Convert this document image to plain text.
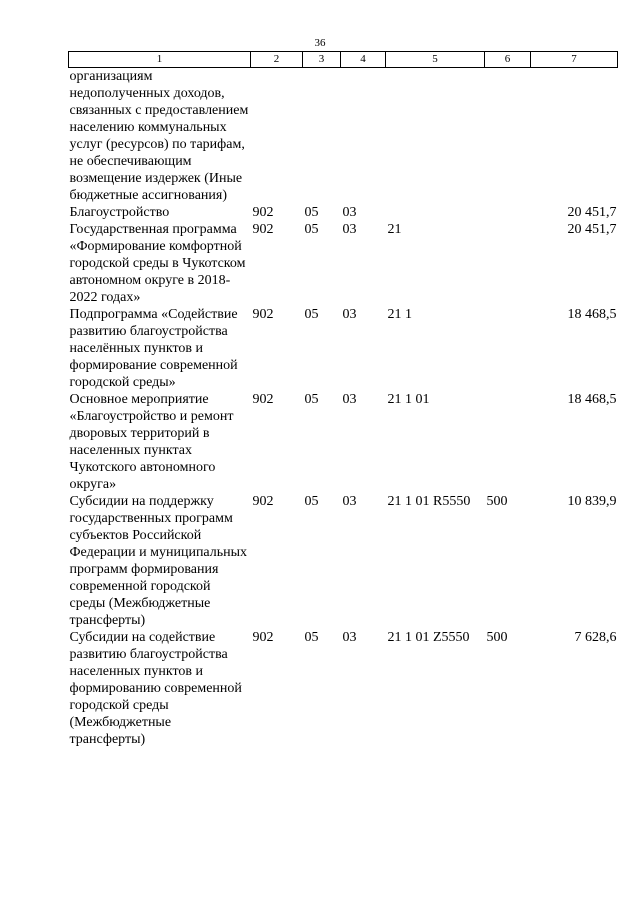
36
1	2	3	4	5	6	7
организациям недополученных доходов, связанных с предоставлением населению коммунальных услуг (ресурсов) по тарифам, не обеспечивающим возмещение издержек (Иные бюджетные ассигнования)						
Благоустройство	902	05	03			20 451,7
Государственная программа «Формирование комфортной городской среды в Чукотском автономном округе в 2018-2022 годах»	902	05	03	21		20 451,7
Подпрограмма «Содействие развитию благоустройства населённых пунктов и формирование современной городской среды»	902	05	03	21 1		18 468,5
Основное мероприятие «Благоустройство и ремонт дворовых территорий в населенных пунктах Чукотского автономного округа»	902	05	03	21 1 01		18 468,5
Субсидии на поддержку государственных программ субъектов Российской Федерации и муниципальных программ формирования современной городской среды (Межбюджетные трансферты)	902	05	03	21 1 01 R5550	500	10 839,9
Субсидии на содействие развитию благоустройства населенных пунктов и формированию современной городской среды (Межбюджетные трансферты)	902	05	03	21 1 01 Z5550	500	7 628,6
